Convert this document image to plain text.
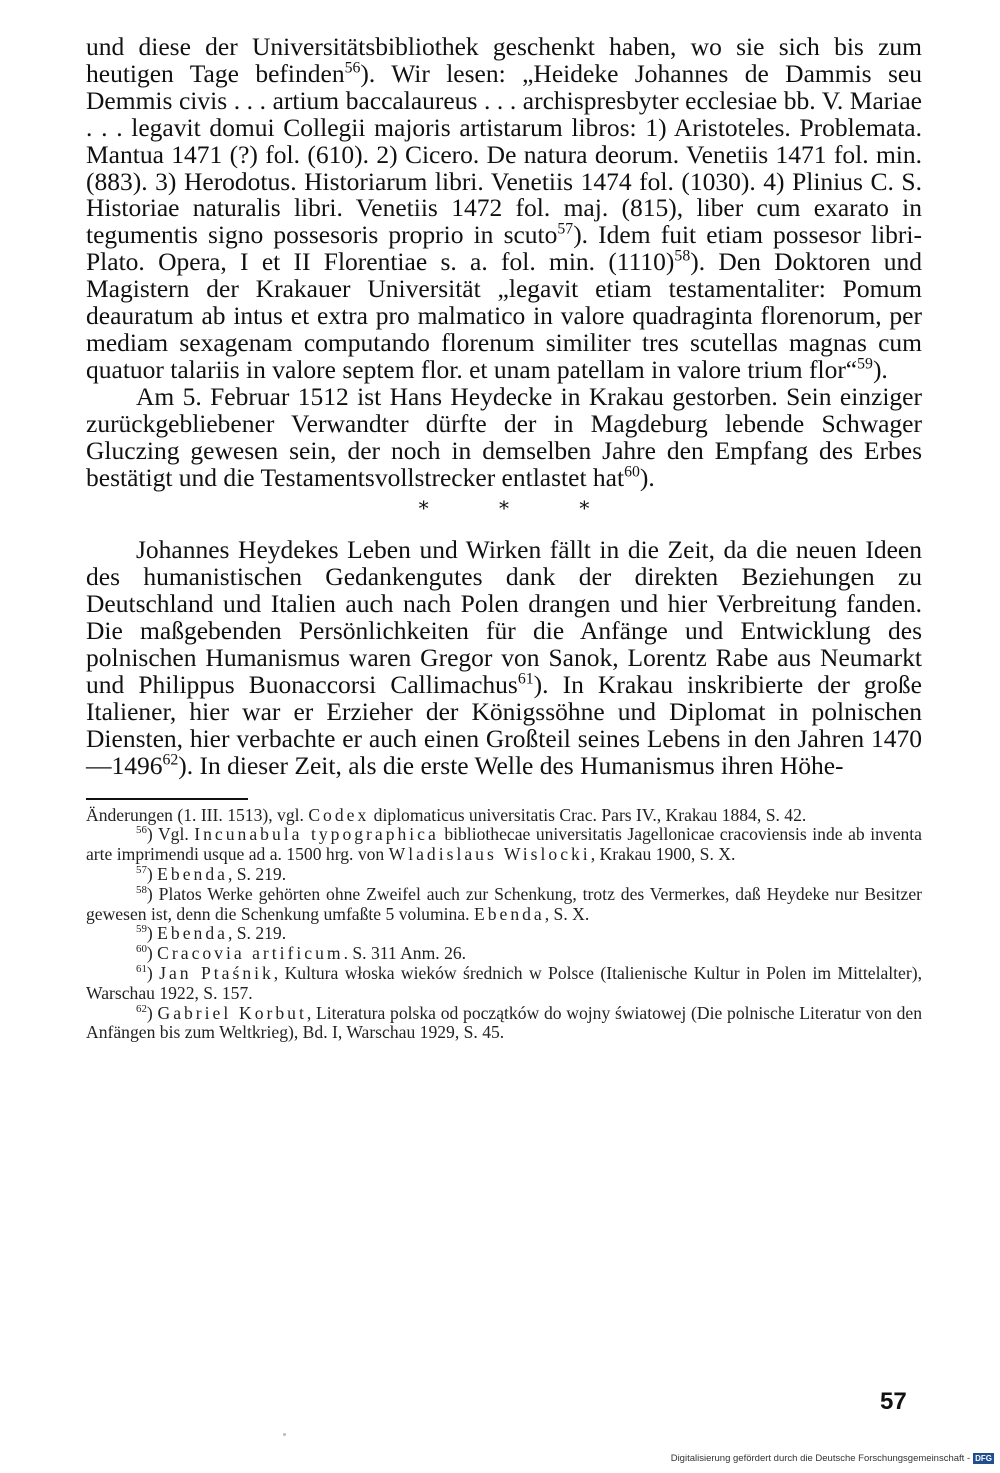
und diese der Universitätsbibliothek geschenkt haben, wo sie sich bis zum heutigen Tage befinden$^{56}$). Wir lesen: „Heideke Johannes de Dammis seu Demmis civis . . . artium baccalaureus . . . archispresbyter ecclesiae bb. V. Mariae . . . legavit domui Collegii majoris artistarum libros: 1) Aristoteles. Problemata. Mantua 1471 (?) fol. (610). 2) Cicero. De natura deorum. Venetiis 1471 fol. min. (883). 3) Herodotus. Historiarum libri. Venetiis 1474 fol. (1030). 4) Plinius C. S. Historiae naturalis libri. Venetiis 1472 fol. maj. (815), liber cum exarato in tegumentis signo possesoris proprio in scuto$^{57}$). Idem fuit etiam possesor libri-Plato. Opera, I et II Florentiae s. a. fol. min. $(1110)^{58}$). Den Doktoren und Magistern der Krakauer Universität „legavit etiam testamentaliter: Pomum deauratum ab intus et extra pro malmatico in valore quadraginta florenorum, per mediam sexagenam computando florenum similiter tres scutellas magnas cum quatuor talariis in valore septem flor. et unam patellam in valore trium flor“$^{59}$).

Am 5. Februar 1512 ist Hans Heydecke in Krakau gestorben. Sein einziger zurückgebliebener Verwandter dürfte der in Magdeburg lebende Schwager Gluczing gewesen sein, der noch in demselben Jahre den Empfang des Erbes bestätigt und die Testamentsvollstrecker entlastet hat$^{60}$).

* * *

Johannes Heydekes Leben und Wirken fällt in die Zeit, da die neuen Ideen des humanistischen Gedankengutes dank der direkten Beziehungen zu Deutschland und Italien auch nach Polen drangen und hier Verbreitung fanden. Die maßgebenden Persönlichkeiten für die Anfänge und Entwicklung des polnischen Humanismus waren Gregor von Sanok, Lorentz Rabe aus Neumarkt und Philippus Buonaccorsi Callimachus$^{61}$). In Krakau inskribierte der große Italiener, hier war er Erzieher der Königssöhne und Diplomat in polnischen Diensten, hier verbachte er auch einen Großteil seines Lebens in den Jahren 1470—1496$^{62}$). In dieser Zeit, als die erste Welle des Humanismus ihren Höhe-

Änderungen (1. III. 1513), vgl. Codex diplomaticus universitatis Crac. Pars IV., Krakau 1884, S. 42.

$^{56}$) Vgl. Incunabula typographica bibliothecae universitatis Jagellonicae cracoviensis inde ab inventa arte imprimendi usque ad a. 1500 hrg. von Wladislaus Wislocki, Krakau 1900, S. X.

$^{57}$) Ebenda, S. 219.

$^{58}$) Platos Werke gehörten ohne Zweifel auch zur Schenkung, trotz des Vermerkes, daß Heydeke nur Besitzer gewesen ist, denn die Schenkung umfaßte 5 volumina. Ebenda, S. X.

$^{59}$) Ebenda, S. 219.

$^{60}$) Cracovia artificum. S. 311 Anm. 26.

$^{61}$) Jan Ptaśnik, Kultura włoska wieków średnich w Polsce (Italienische Kultur in Polen im Mittelalter), Warschau 1922, S. 157.

$^{62}$) Gabriel Korbut, Literatura polska od początków do wojny światowej (Die polnische Literatur von den Anfängen bis zum Weltkrieg), Bd. I, Warschau 1929, S. 45.

57
Digitalisierung gefördert durch die Deutsche Forschungsgemeinschaft - DFG
